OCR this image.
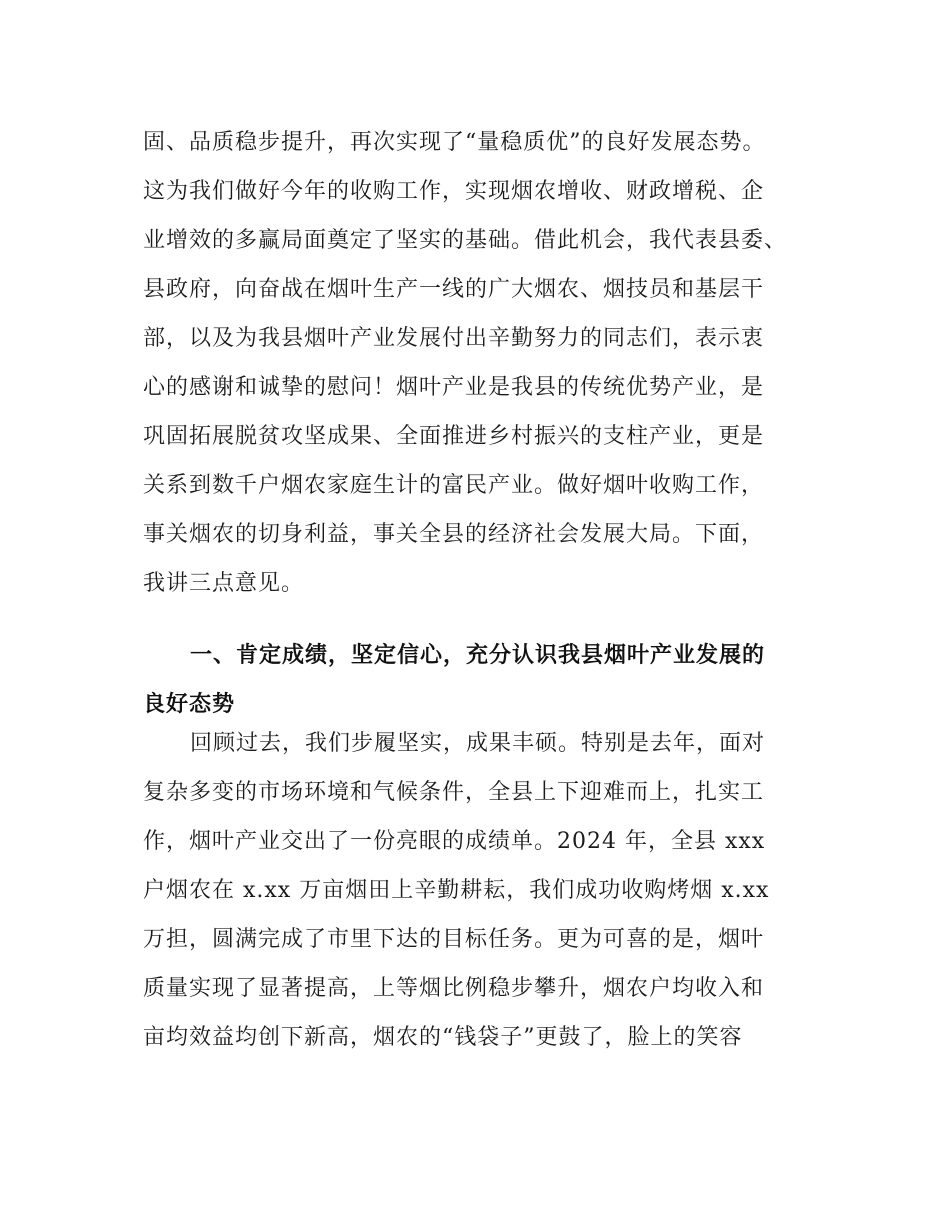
固、品质稳步提升，再次实现了“量稳质优”的良好发展态势。
这为我们做好今年的收购工作，实现烟农增收、财政增税、企
业增效的多赢局面奠定了坚实的基础。借此机会，我代表县委、
县政府，向奋战在烟叶生产一线的广大烟农、烟技员和基层干
部，以及为我县烟叶产业发展付出辛勤努力的同志们，表示衷
心的感谢和诚挚的慰问！烟叶产业是我县的传统优势产业，是
巩固拓展脱贫攻坚成果、全面推进乡村振兴的支柱产业，更是
关系到数千户烟农家庭生计的富民产业。做好烟叶收购工作，
事关烟农的切身利益，事关全县的经济社会发展大局。下面，
我讲三点意见。
一、肯定成绩，坚定信心，充分认识我县烟叶产业发展的
良好态势
回顾过去，我们步履坚实，成果丰硕。特别是去年，面对
复杂多变的市场环境和气候条件，全县上下迎难而上，扎实工
作，烟叶产业交出了一份亮眼的成绩单。2024 年，全县 xxx
户烟农在 x.xx 万亩烟田上辛勤耕耘，我们成功收购烤烟 x.xx
万担，圆满完成了市里下达的目标任务。更为可喜的是，烟叶
质量实现了显著提高，上等烟比例稳步攀升，烟农户均收入和
亩均效益均创下新高，烟农的“钱袋子”更鼓了，脸上的笑容
